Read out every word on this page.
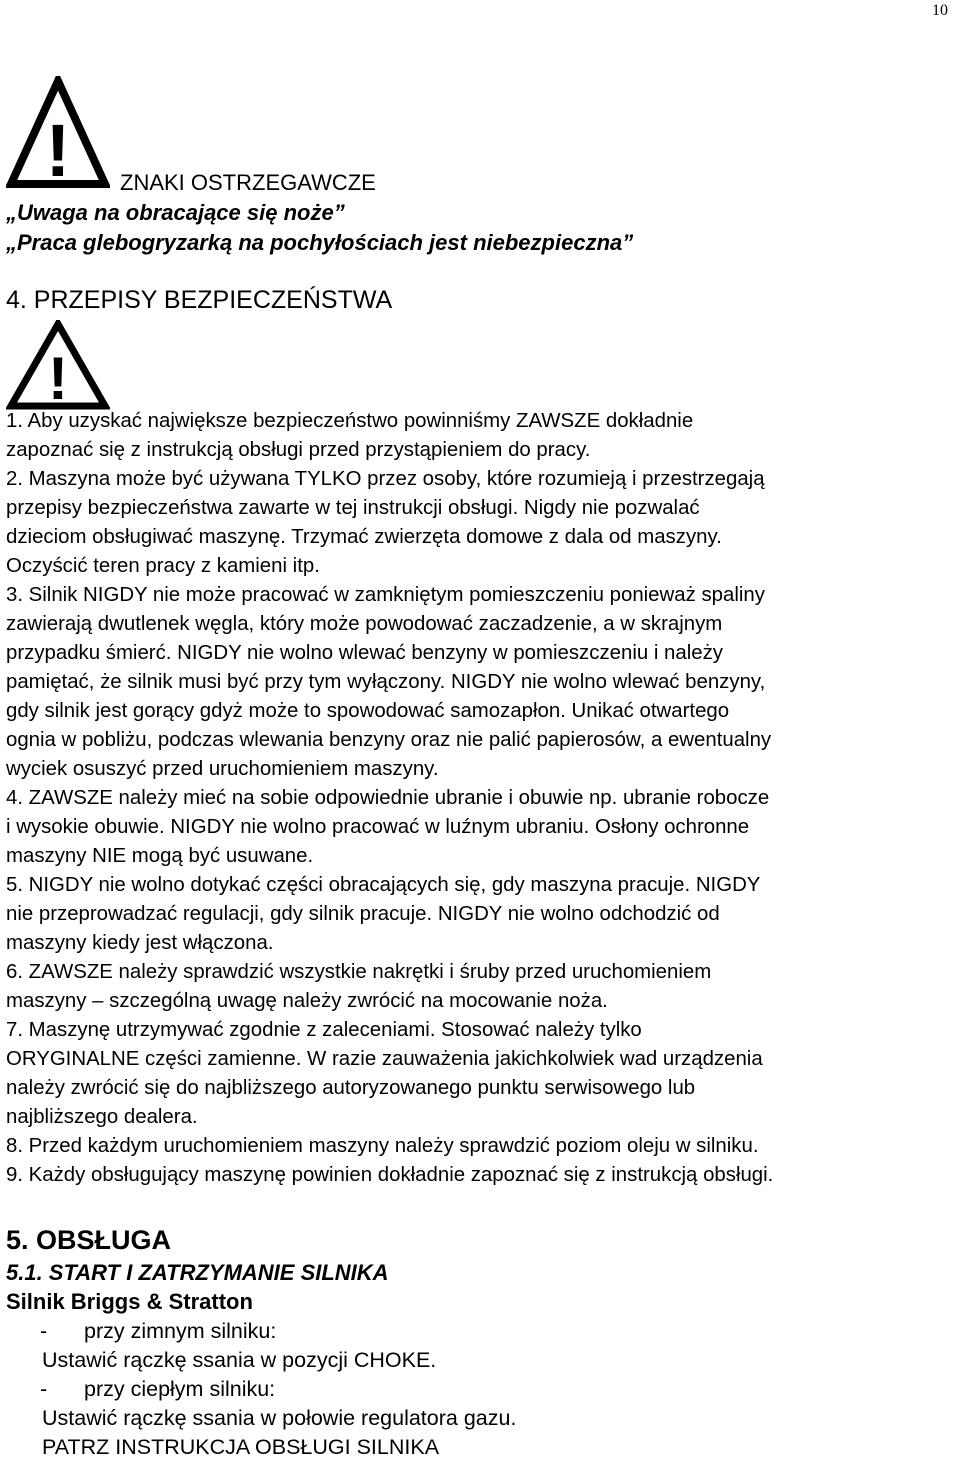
10
! ZNAKI OSTRZEGAWCZE
„Uwaga na obracające się noże”
„Praca glebogryzarką na pochyłościach jest niebezpieczna”
4. PRZEPISY BEZPIECZEŃSTWA
!
1. Aby uzyskać największe bezpieczeństwo powinniśmy ZAWSZE dokładnie
zapoznać się z instrukcją obsługi przed przystąpieniem do pracy.
2. Maszyna może być używana TYLKO przez osoby, które rozumieją i przestrzegają
przepisy bezpieczeństwa zawarte w tej instrukcji obsługi. Nigdy nie pozwalać
dzieciom obsługiwać maszynę. Trzymać zwierzęta domowe z dala od maszyny.
Oczyścić teren pracy z kamieni itp.
3. Silnik NIGDY nie może pracować w zamkniętym pomieszczeniu ponieważ spaliny
zawierają dwutlenek węgla, który może powodować zaczadzenie, a w skrajnym
przypadku śmierć. NIGDY nie wolno wlewać benzyny w pomieszczeniu i należy
pamiętać, że silnik musi być przy tym wyłączony. NIGDY nie wolno wlewać benzyny,
gdy silnik jest gorący gdyż może to spowodować samozapłon. Unikać otwartego
ognia w pobliżu, podczas wlewania benzyny oraz nie palić papierosów, a ewentualny
wyciek osuszyć przed uruchomieniem maszyny.
4. ZAWSZE należy mieć na sobie odpowiednie ubranie i obuwie np. ubranie robocze
i wysokie obuwie. NIGDY nie wolno pracować w luźnym ubraniu. Osłony ochronne
maszyny NIE mogą być usuwane.
5. NIGDY nie wolno dotykać części obracających się, gdy maszyna pracuje. NIGDY
nie przeprowadzać regulacji, gdy silnik pracuje. NIGDY nie wolno odchodzić od
maszyny kiedy jest włączona.
6. ZAWSZE należy sprawdzić wszystkie nakrętki i śruby przed uruchomieniem
maszyny – szczególną uwagę należy zwrócić na mocowanie noża.
7. Maszynę utrzymywać zgodnie z zaleceniami. Stosować należy tylko
ORYGINALNE części zamienne. W razie zauważenia jakichkolwiek wad urządzenia
należy zwrócić się do najbliższego autoryzowanego punktu serwisowego lub
najbliższego dealera.
8. Przed każdym uruchomieniem maszyny należy sprawdzić poziom oleju w silniku.
9. Każdy obsługujący maszynę powinien dokładnie zapoznać się z instrukcją obsługi.
5. OBSŁUGA
5.1. START I ZATRZYMANIE SILNIKA
Silnik Briggs & Stratton
- przy zimnym silniku:
Ustawić rączkę ssania w pozycji CHOKE.
- przy ciepłym silniku:
Ustawić rączkę ssania w połowie regulatora gazu.
PATRZ INSTRUKCJA OBSŁUGI SILNIKA
